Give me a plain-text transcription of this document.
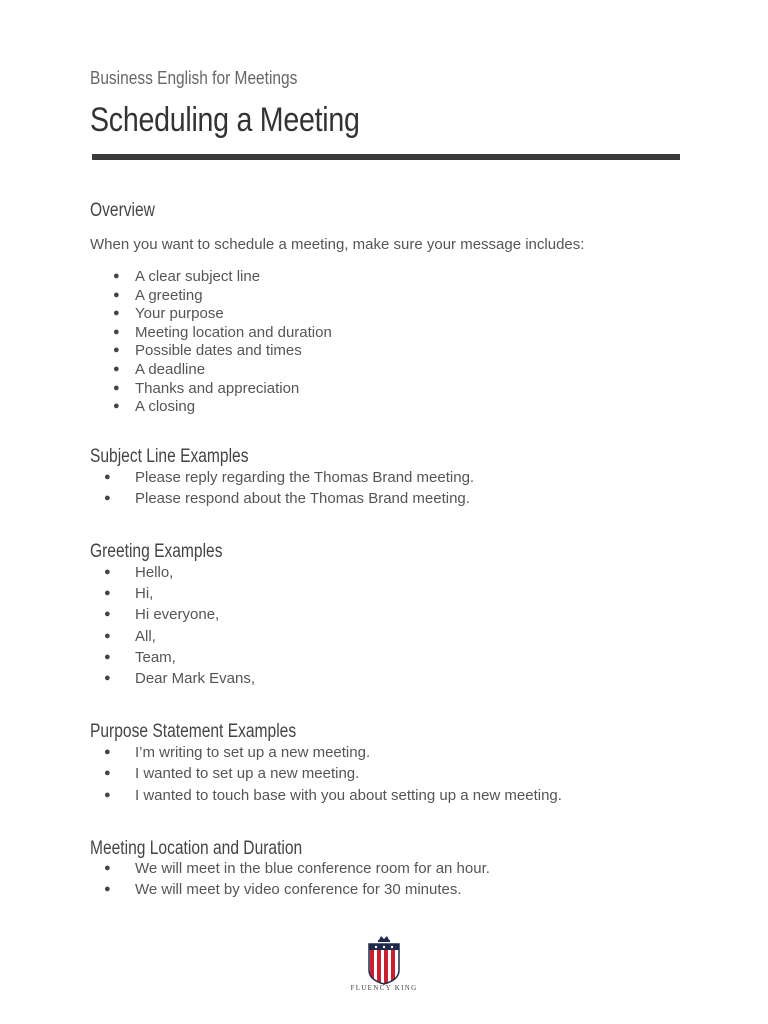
Business English for Meetings
Scheduling a Meeting
Overview
When you want to schedule a meeting, make sure your message includes:
● A clear subject line
● A greeting
● Your purpose
● Meeting location and duration
● Possible dates and times
● A deadline
● Thanks and appreciation
● A closing
Subject Line Examples
● Please reply regarding the Thomas Brand meeting.
● Please respond about the Thomas Brand meeting.
Greeting Examples
● Hello,
● Hi,
● Hi everyone,
● All,
● Team,
● Dear Mark Evans,
Purpose Statement Examples
● I’m writing to set up a new meeting.
● I wanted to set up a new meeting.
● I wanted to touch base with you about setting up a new meeting.
Meeting Location and Duration
● We will meet in the blue conference room for an hour.
● We will meet by video conference for 30 minutes.
FLUENCY KING
